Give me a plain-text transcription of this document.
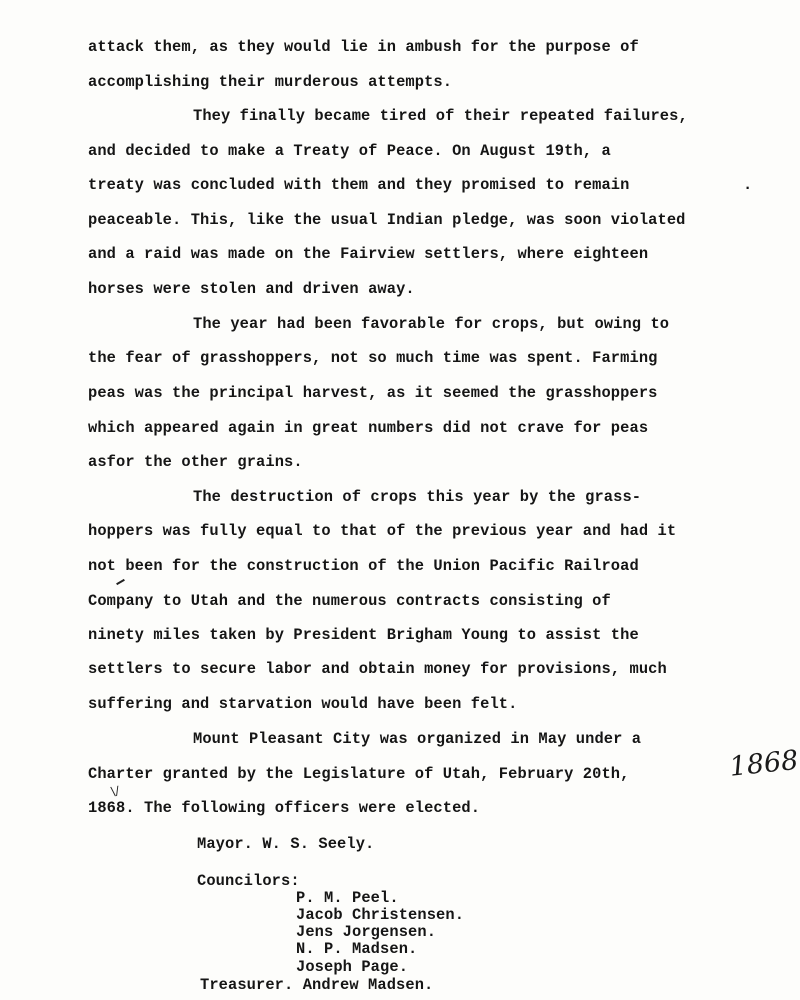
attack them, as they would lie in ambush for the purpose of

accomplishing their murderous attempts.

They finally became tired of their repeated failures,

and decided to make a Treaty of Peace. On August 19th, a

treaty was concluded with them and they promised to remain	.

peaceable. This, like the usual Indian pledge, was soon violated

and a raid was made on the Fairview settlers, where eighteen

horses were stolen and driven away.

The year had been favorable for crops, but owing to

the fear of grasshoppers, not so much time was spent. Farming

peas was the principal harvest, as it seemed the grasshoppers

which appeared again in great numbers did not crave for peas

asfor the other grains.

The destruction of crops this year by the grass-

hoppers was fully equal to that of the previous year and had it

not been for the construction of the Union Pacific Railroad

Company to Utah and the numerous contracts consisting of

ninety miles taken by President Brigham Young to assist the

settlers to secure labor and obtain money for provisions, much

suffering and starvation would have been felt.

Mount Pleasant City was organized in May under a

Charter granted by the Legislature of Utah, February 20th,

\/
1868

1868. The following officers were elected.

Mayor. W. S. Seely.

Councilors:

P. M. Peel.

Jacob Christensen.

Jens Jorgensen.

N. P. Madsen.

Joseph Page.

Treasurer. Andrew Madsen.
